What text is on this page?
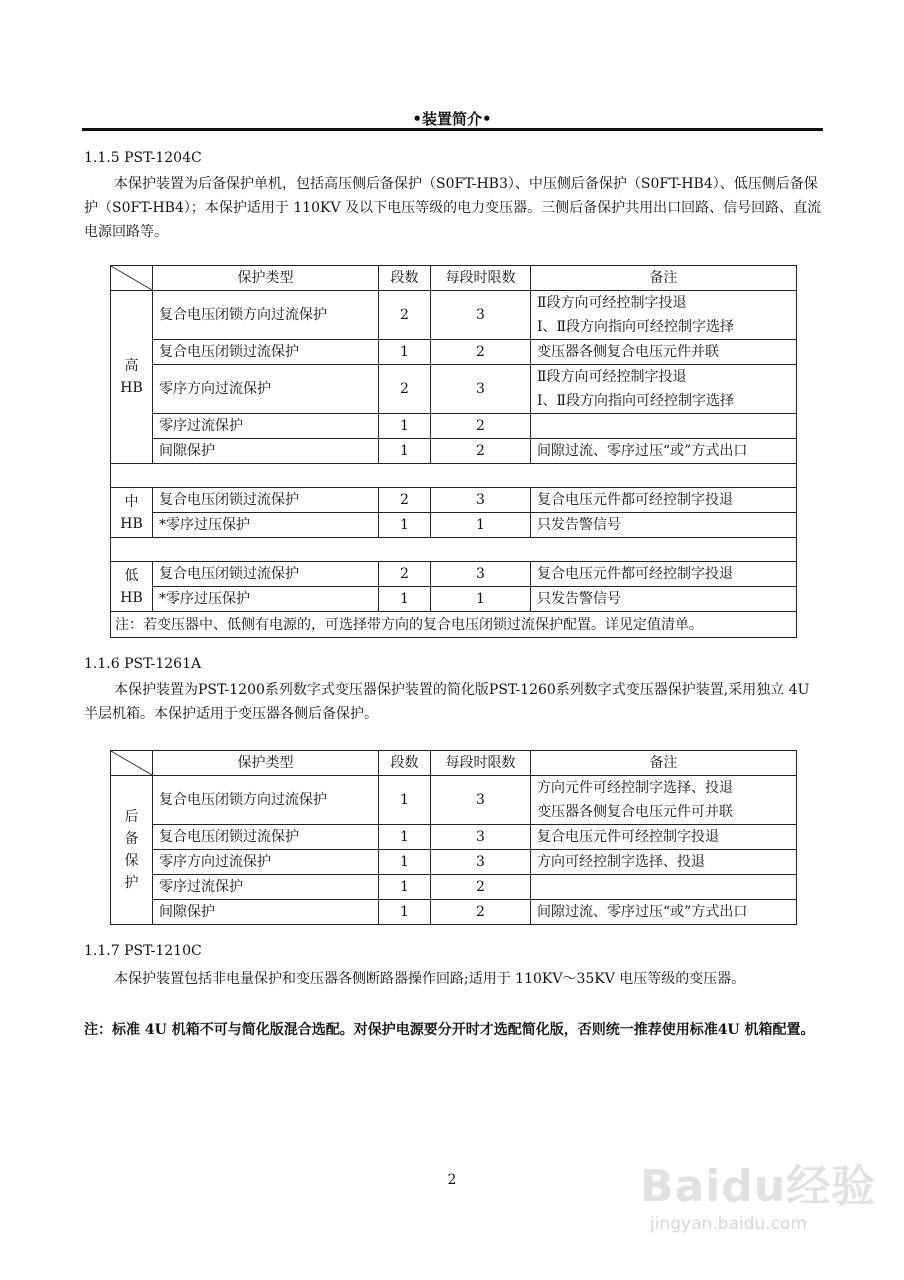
•装置简介•
1.1.5 PST-1204C
本保护装置为后备保护单机，包括高压侧后备保护（S0FT-HB3）、中压侧后备保护（S0FT-HB4）、低压侧后备保护（S0FT-HB4）；本保护适用于 110KV 及以下电压等级的电力变压器。三侧后备保护共用出口回路、信号回路、直流电源回路等。
	保护类型	段数	每段时限数	备注
高
HB	复合电压闭锁方向过流保护	2	3	Ⅱ段方向可经控制字投退
Ⅰ、Ⅱ段方向指向可经控制字选择
	复合电压闭锁过流保护	1	2	变压器各侧复合电压元件并联
	零序方向过流保护	2	3	Ⅱ段方向可经控制字投退
Ⅰ、Ⅱ段方向指向可经控制字选择
	零序过流保护	1	2	
	间隙保护	1	2	间隙过流、零序过压“或”方式出口

中
HB	复合电压闭锁过流保护	2	3	复合电压元件都可经控制字投退
	*零序过压保护	1	1	只发告警信号

低
HB	复合电压闭锁过流保护	2	3	复合电压元件都可经控制字投退
	*零序过压保护	1	1	只发告警信号
注：若变压器中、低侧有电源的，可选择带方向的复合电压闭锁过流保护配置。详见定值清单。				
1.1.6 PST-1261A
本保护装置为PST-1200系列数字式变压器保护装置的简化版PST-1260系列数字式变压器保护装置,采用独立 4U 半层机箱。本保护适用于变压器各侧后备保护。
	保护类型	段数	每段时限数	备注
后
备
保
护	复合电压闭锁方向过流保护	1	3	方向元件可经控制字选择、投退
变压器各侧复合电压元件可并联
	复合电压闭锁过流保护	1	3	复合电压元件可经控制字投退
	零序方向过流保护	1	3	方向可经控制字选择、投退
	零序过流保护	1	2	
	间隙保护	1	2	间隙过流、零序过压“或”方式出口
1.1.7 PST-1210C
本保护装置包括非电量保护和变压器各侧断路器操作回路;适用于 110KV～35KV 电压等级的变压器。
注：标准 4U 机箱不可与简化版混合选配。对保护电源要分开时才选配简化版，否则统一推荐使用标准4U 机箱配置。
2	Baidu经验
jingyan.baidu.com
